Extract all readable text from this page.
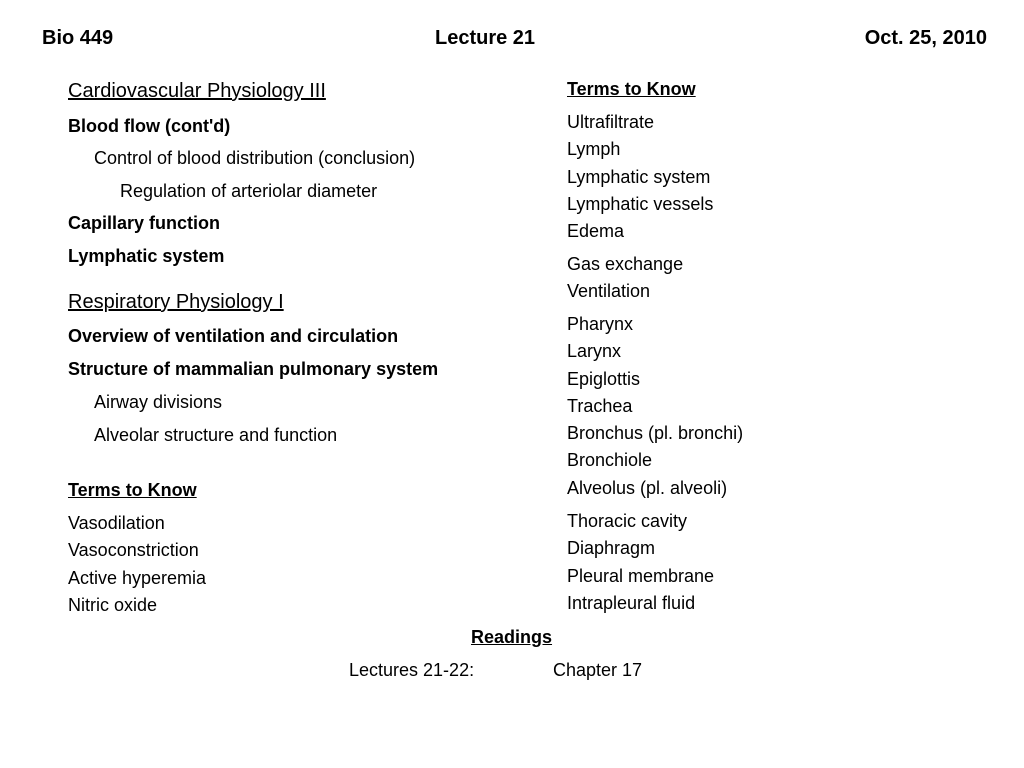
Bio 449	Lecture 21	Oct. 25, 2010
Cardiovascular Physiology III
Blood flow (cont'd)
Control of blood distribution (conclusion)
Regulation of arteriolar diameter
Capillary function
Lymphatic system
Respiratory Physiology I
Overview of ventilation and circulation
Structure of mammalian pulmonary system
Airway divisions
Alveolar structure and function
Terms to Know
Vasodilation
Vasoconstriction
Active hyperemia
Nitric oxide
Terms to Know
Ultrafiltrate
Lymph
Lymphatic system
Lymphatic vessels
Edema
Gas exchange
Ventilation
Pharynx
Larynx
Epiglottis
Trachea
Bronchus (pl. bronchi)
Bronchiole
Alveolus (pl. alveoli)
Thoracic cavity
Diaphragm
Pleural membrane
Intrapleural fluid
Readings
Lectures 21-22:	Chapter 17
